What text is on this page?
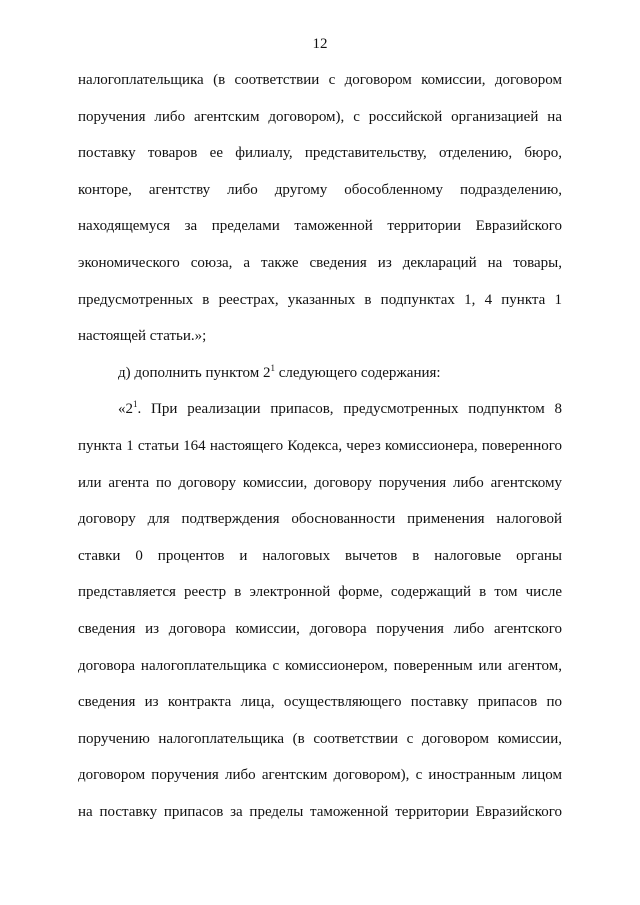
12
налогоплательщика (в соответствии с договором комиссии, договором
поручения либо агентским договором), с российской организацией на
поставку товаров ее филиалу, представительству, отделению, бюро,
конторе, агентству либо другому обособленному подразделению,
находящемуся за пределами таможенной территории Евразийского
экономического союза, а также сведения из деклараций на товары,
предусмотренных в реестрах, указанных в подпунктах 1, 4 пункта 1
настоящей статьи.»;
д) дополнить пунктом $2^1$ следующего содержания:
«$2^1$. При реализации припасов, предусмотренных подпунктом 8
пункта 1 статьи 164 настоящего Кодекса, через комиссионера, поверенного
или агента по договору комиссии, договору поручения либо агентскому
договору для подтверждения обоснованности применения налоговой
ставки 0 процентов и налоговых вычетов в налоговые органы
представляется реестр в электронной форме, содержащий в том числе
сведения из договора комиссии, договора поручения либо агентского
договора налогоплательщика с комиссионером, поверенным или агентом,
сведения из контракта лица, осуществляющего поставку припасов по
поручению налогоплательщика (в соответствии с договором комиссии,
договором поручения либо агентским договором), с иностранным лицом
на поставку припасов за пределы таможенной территории Евразийского
